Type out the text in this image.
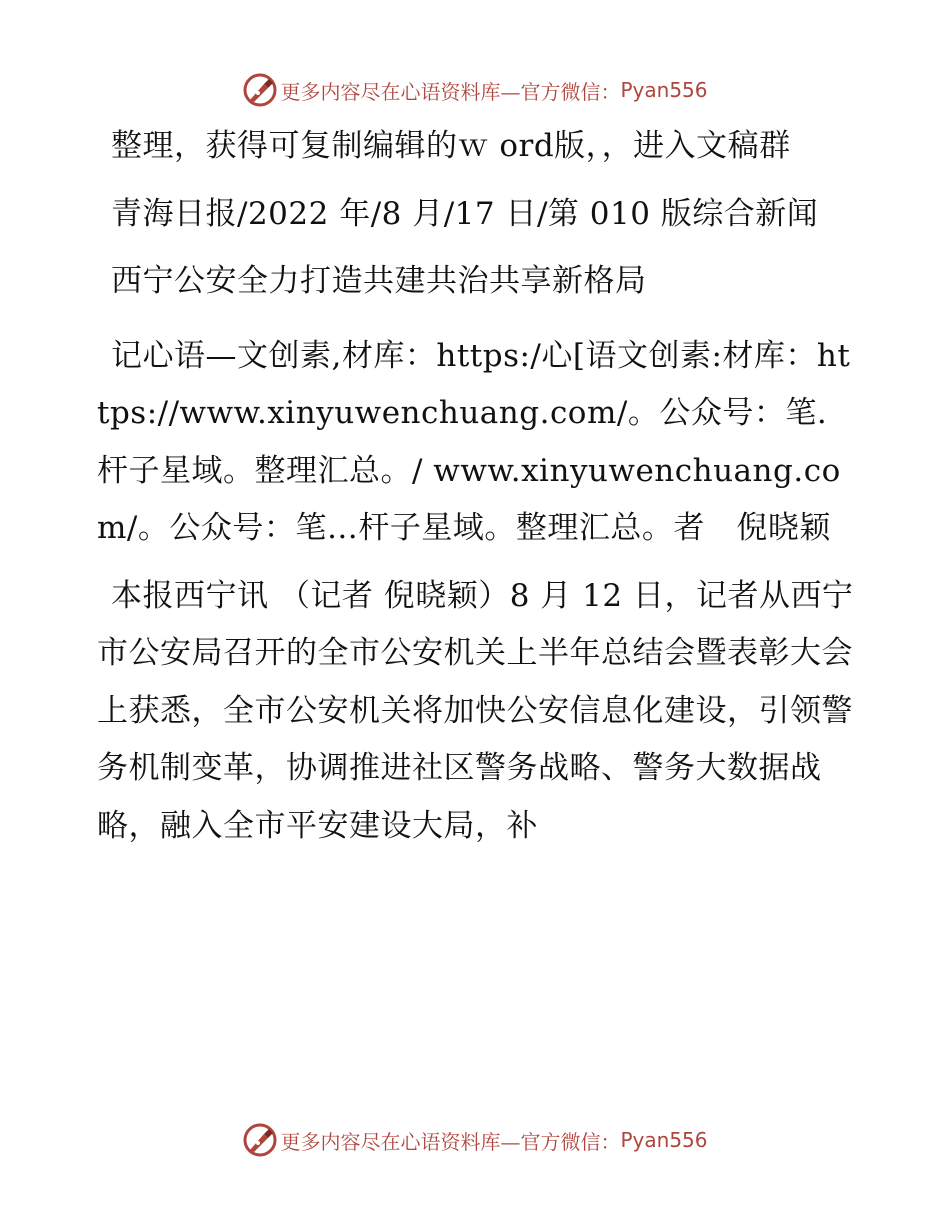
更多内容尽在心语资料库—官方微信： Pyan556

整理，获得可复制编辑的ｗ ord版，，进入文稿群

青海日报/2022 年/8 月/17 日/第 010 版综合新闻

西宁公安全力打造共建共治共享新格局

记心语—文创素,材库：https:/心[语文创素:材库：https://www.xinyuwenchuang.com/。公众号：笔.杆子星域。整理汇总。/ www.xinyuwenchuang.com/。公众号：笔…杆子星域。整理汇总。者　倪晓颖

本报西宁讯 （记者 倪晓颖）8 月 12 日，记者从西宁市公安局召开的全市公安机关上半年总结会暨表彰大会上获悉，全市公安机关将加快公安信息化建设，引领警务机制变革，协调推进社区警务战略、警务大数据战略，融入全市平安建设大局，补

更多内容尽在心语资料库—官方微信： Pyan556
